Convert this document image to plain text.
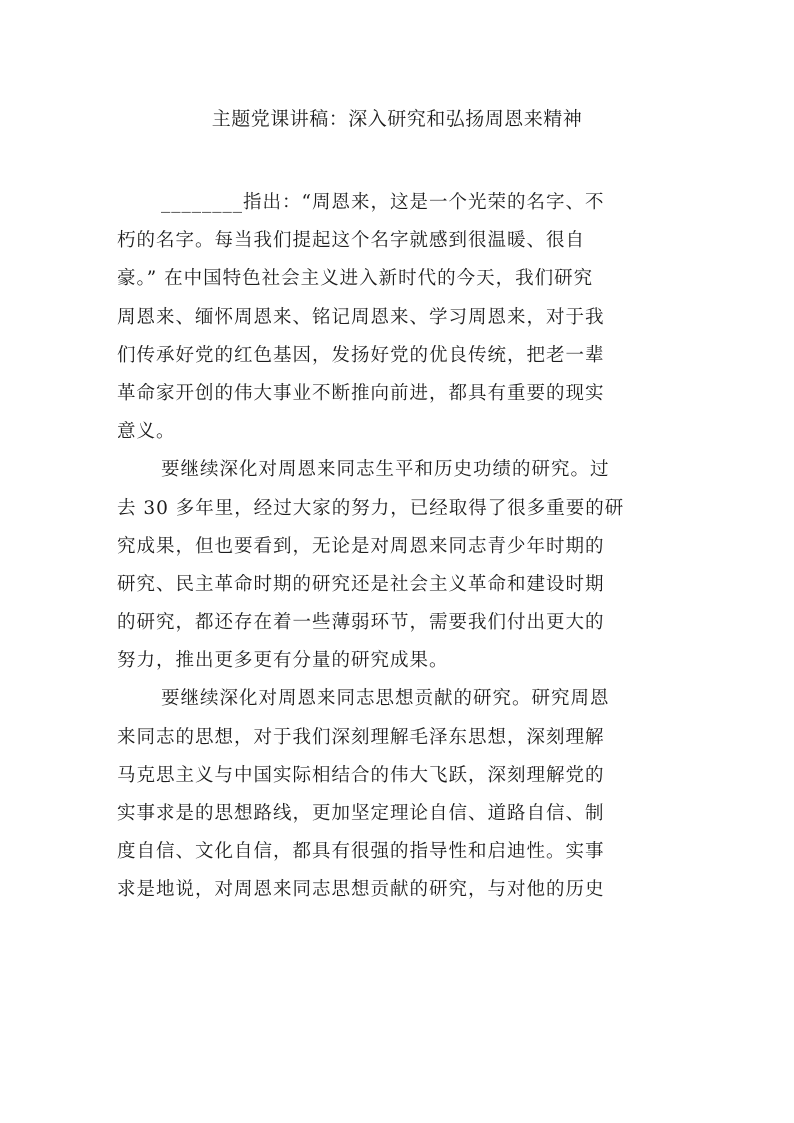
主题党课讲稿：深入研究和弘扬周恩来精神
________指出：“周恩来，这是一个光荣的名字、不
朽的名字。每当我们提起这个名字就感到很温暖、很自
豪。” 在中国特色社会主义进入新时代的今天，我们研究
周恩来、缅怀周恩来、铭记周恩来、学习周恩来，对于我
们传承好党的红色基因，发扬好党的优良传统，把老一辈
革命家开创的伟大事业不断推向前进，都具有重要的现实
意义。
要继续深化对周恩来同志生平和历史功绩的研究。过
去 30 多年里，经过大家的努力，已经取得了很多重要的研
究成果，但也要看到，无论是对周恩来同志青少年时期的
研究、民主革命时期的研究还是社会主义革命和建设时期
的研究，都还存在着一些薄弱环节，需要我们付出更大的
努力，推出更多更有分量的研究成果。
要继续深化对周恩来同志思想贡献的研究。研究周恩
来同志的思想，对于我们深刻理解毛泽东思想，深刻理解
马克思主义与中国实际相结合的伟大飞跃，深刻理解党的
实事求是的思想路线，更加坚定理论自信、道路自信、制
度自信、文化自信，都具有很强的指导性和启迪性。实事
求是地说，对周恩来同志思想贡献的研究，与对他的历史
